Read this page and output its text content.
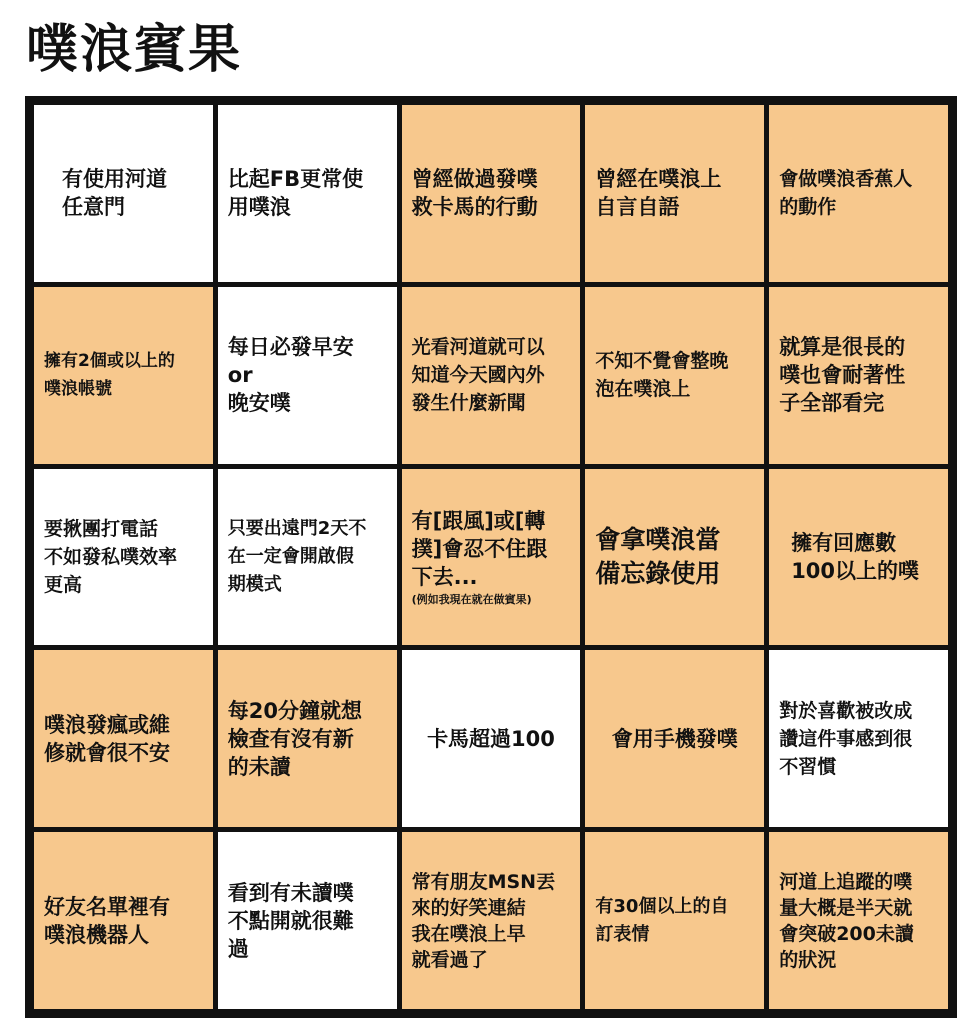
噗浪賓果
有使用河道
任意門
比起FB更常使
用噗浪
曾經做過發噗
救卡馬的行動
曾經在噗浪上
自言自語
會做噗浪香蕉人
的動作
擁有2個或以上的
噗浪帳號
每日必發早安
or
晚安噗
光看河道就可以
知道今天國內外
發生什麼新聞
不知不覺會整晚
泡在噗浪上
就算是很長的
噗也會耐著性
子全部看完
要揪團打電話
不如發私噗效率
更高
只要出遠門2天不
在一定會開啟假
期模式
有[跟風]或[轉
撲]會忍不住跟
下去...
(例如我現在就在做賓果)
會拿噗浪當
備忘錄使用
擁有回應數
100以上的噗
噗浪發瘋或維
修就會很不安
每20分鐘就想
檢查有沒有新
的未讀
卡馬超過100	會用手機發噗
對於喜歡被改成
讚這件事感到很
不習慣
好友名單裡有
噗浪機器人
看到有未讀噗
不點開就很難
過
常有朋友MSN丟
來的好笑連結
我在噗浪上早
就看過了
有30個以上的自
訂表情
河道上追蹤的噗
量大概是半天就
會突破200未讀
的狀況
